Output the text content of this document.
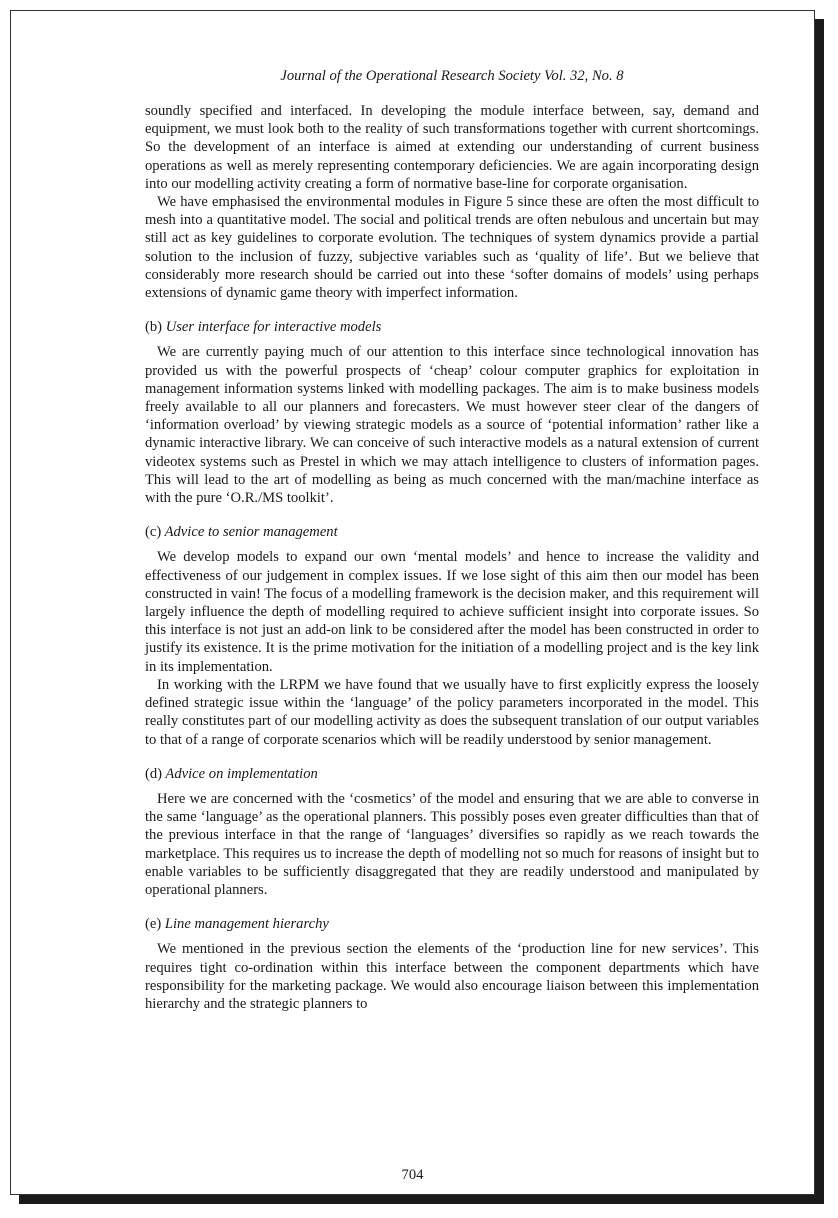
Journal of the Operational Research Society Vol. 32, No. 8

soundly specified and interfaced. In developing the module interface between, say, demand and equipment, we must look both to the reality of such transformations together with current shortcomings. So the development of an interface is aimed at extending our understanding of current business operations as well as merely representing contemporary deficiencies. We are again incorporating design into our modelling activity creating a form of normative base-line for corporate organisation.

We have emphasised the environmental modules in Figure 5 since these are often the most difficult to mesh into a quantitative model. The social and political trends are often nebulous and uncertain but may still act as key guidelines to corporate evolution. The techniques of system dynamics provide a partial solution to the inclusion of fuzzy, subjective variables such as ‘quality of life’. But we believe that considerably more research should be carried out into these ‘softer domains of models’ using perhaps extensions of dynamic game theory with imperfect information.

(b) User interface for interactive models

We are currently paying much of our attention to this interface since technological innovation has provided us with the powerful prospects of ‘cheap’ colour computer graphics for exploitation in management information systems linked with modelling packages. The aim is to make business models freely available to all our planners and forecasters. We must however steer clear of the dangers of ‘information overload’ by viewing strategic models as a source of ‘potential information’ rather like a dynamic interactive library. We can conceive of such interactive models as a natural extension of current videotex systems such as Prestel in which we may attach intelligence to clusters of information pages. This will lead to the art of modelling as being as much concerned with the man/machine interface as with the pure ‘O.R./MS toolkit’.

(c) Advice to senior management

We develop models to expand our own ‘mental models’ and hence to increase the validity and effectiveness of our judgement in complex issues. If we lose sight of this aim then our model has been constructed in vain! The focus of a modelling framework is the decision maker, and this requirement will largely influence the depth of modelling required to achieve sufficient insight into corporate issues. So this interface is not just an add-on link to be considered after the model has been constructed in order to justify its existence. It is the prime motivation for the initiation of a modelling project and is the key link in its implementation.

In working with the LRPM we have found that we usually have to first explicitly express the loosely defined strategic issue within the ‘language’ of the policy parameters incorporated in the model. This really constitutes part of our modelling activity as does the subsequent translation of our output variables to that of a range of corporate scenarios which will be readily understood by senior management.

(d) Advice on implementation

Here we are concerned with the ‘cosmetics’ of the model and ensuring that we are able to converse in the same ‘language’ as the operational planners. This possibly poses even greater difficulties than that of the previous interface in that the range of ‘languages’ diversifies so rapidly as we reach towards the marketplace. This requires us to increase the depth of modelling not so much for reasons of insight but to enable variables to be sufficiently disaggregated that they are readily understood and manipulated by operational planners.

(e) Line management hierarchy

We mentioned in the previous section the elements of the ‘production line for new services’. This requires tight co-ordination within this interface between the component departments which have responsibility for the marketing package. We would also encourage liaison between this implementation hierarchy and the strategic planners to

704
